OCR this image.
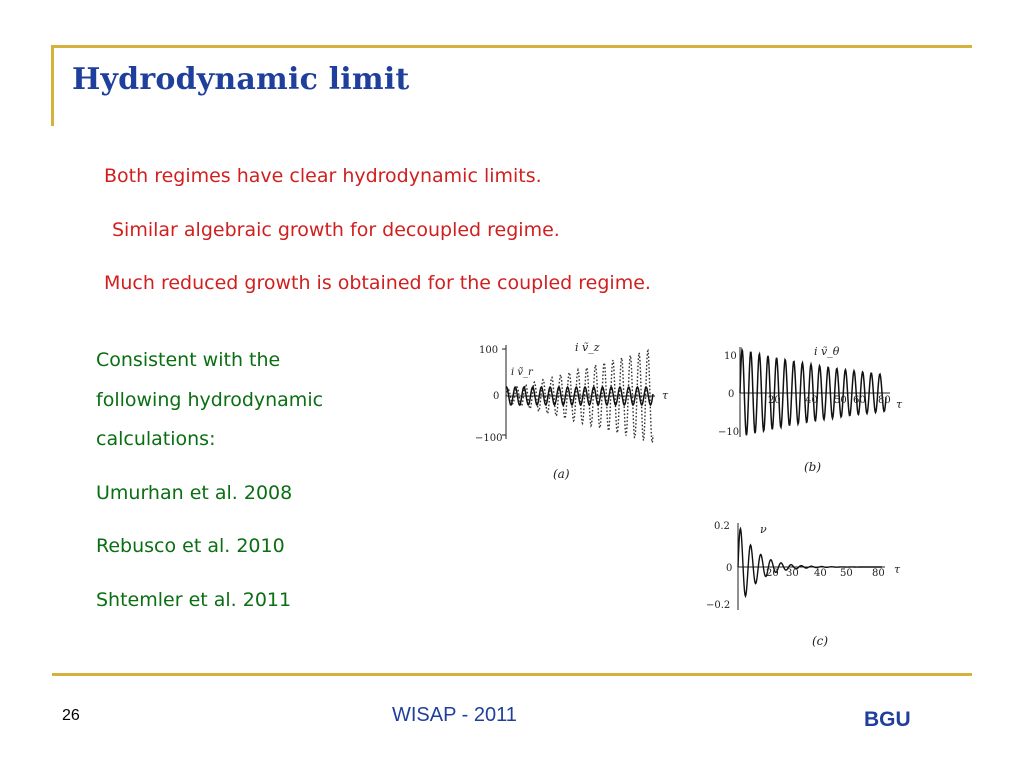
Hydrodynamic limit
Both regimes have clear hydrodynamic limits.
Similar algebraic growth for decoupled regime.
Much reduced growth is obtained for the coupled regime.
Consistent with the
following hydrodynamic
calculations:
Umurhan et al. 2008
Rebusco et al. 2010
Shtemler et al. 2011
100
0
−100
i ṽ_z
i ṽ_r
τ
(a)
10
0
−10
20 40 50 60 80
i ṽ_θ
τ
(b)
0.2
0
−0.2
20 30 40 50 80
ν
τ
(c)
26	WISAP - 2011	BGU
